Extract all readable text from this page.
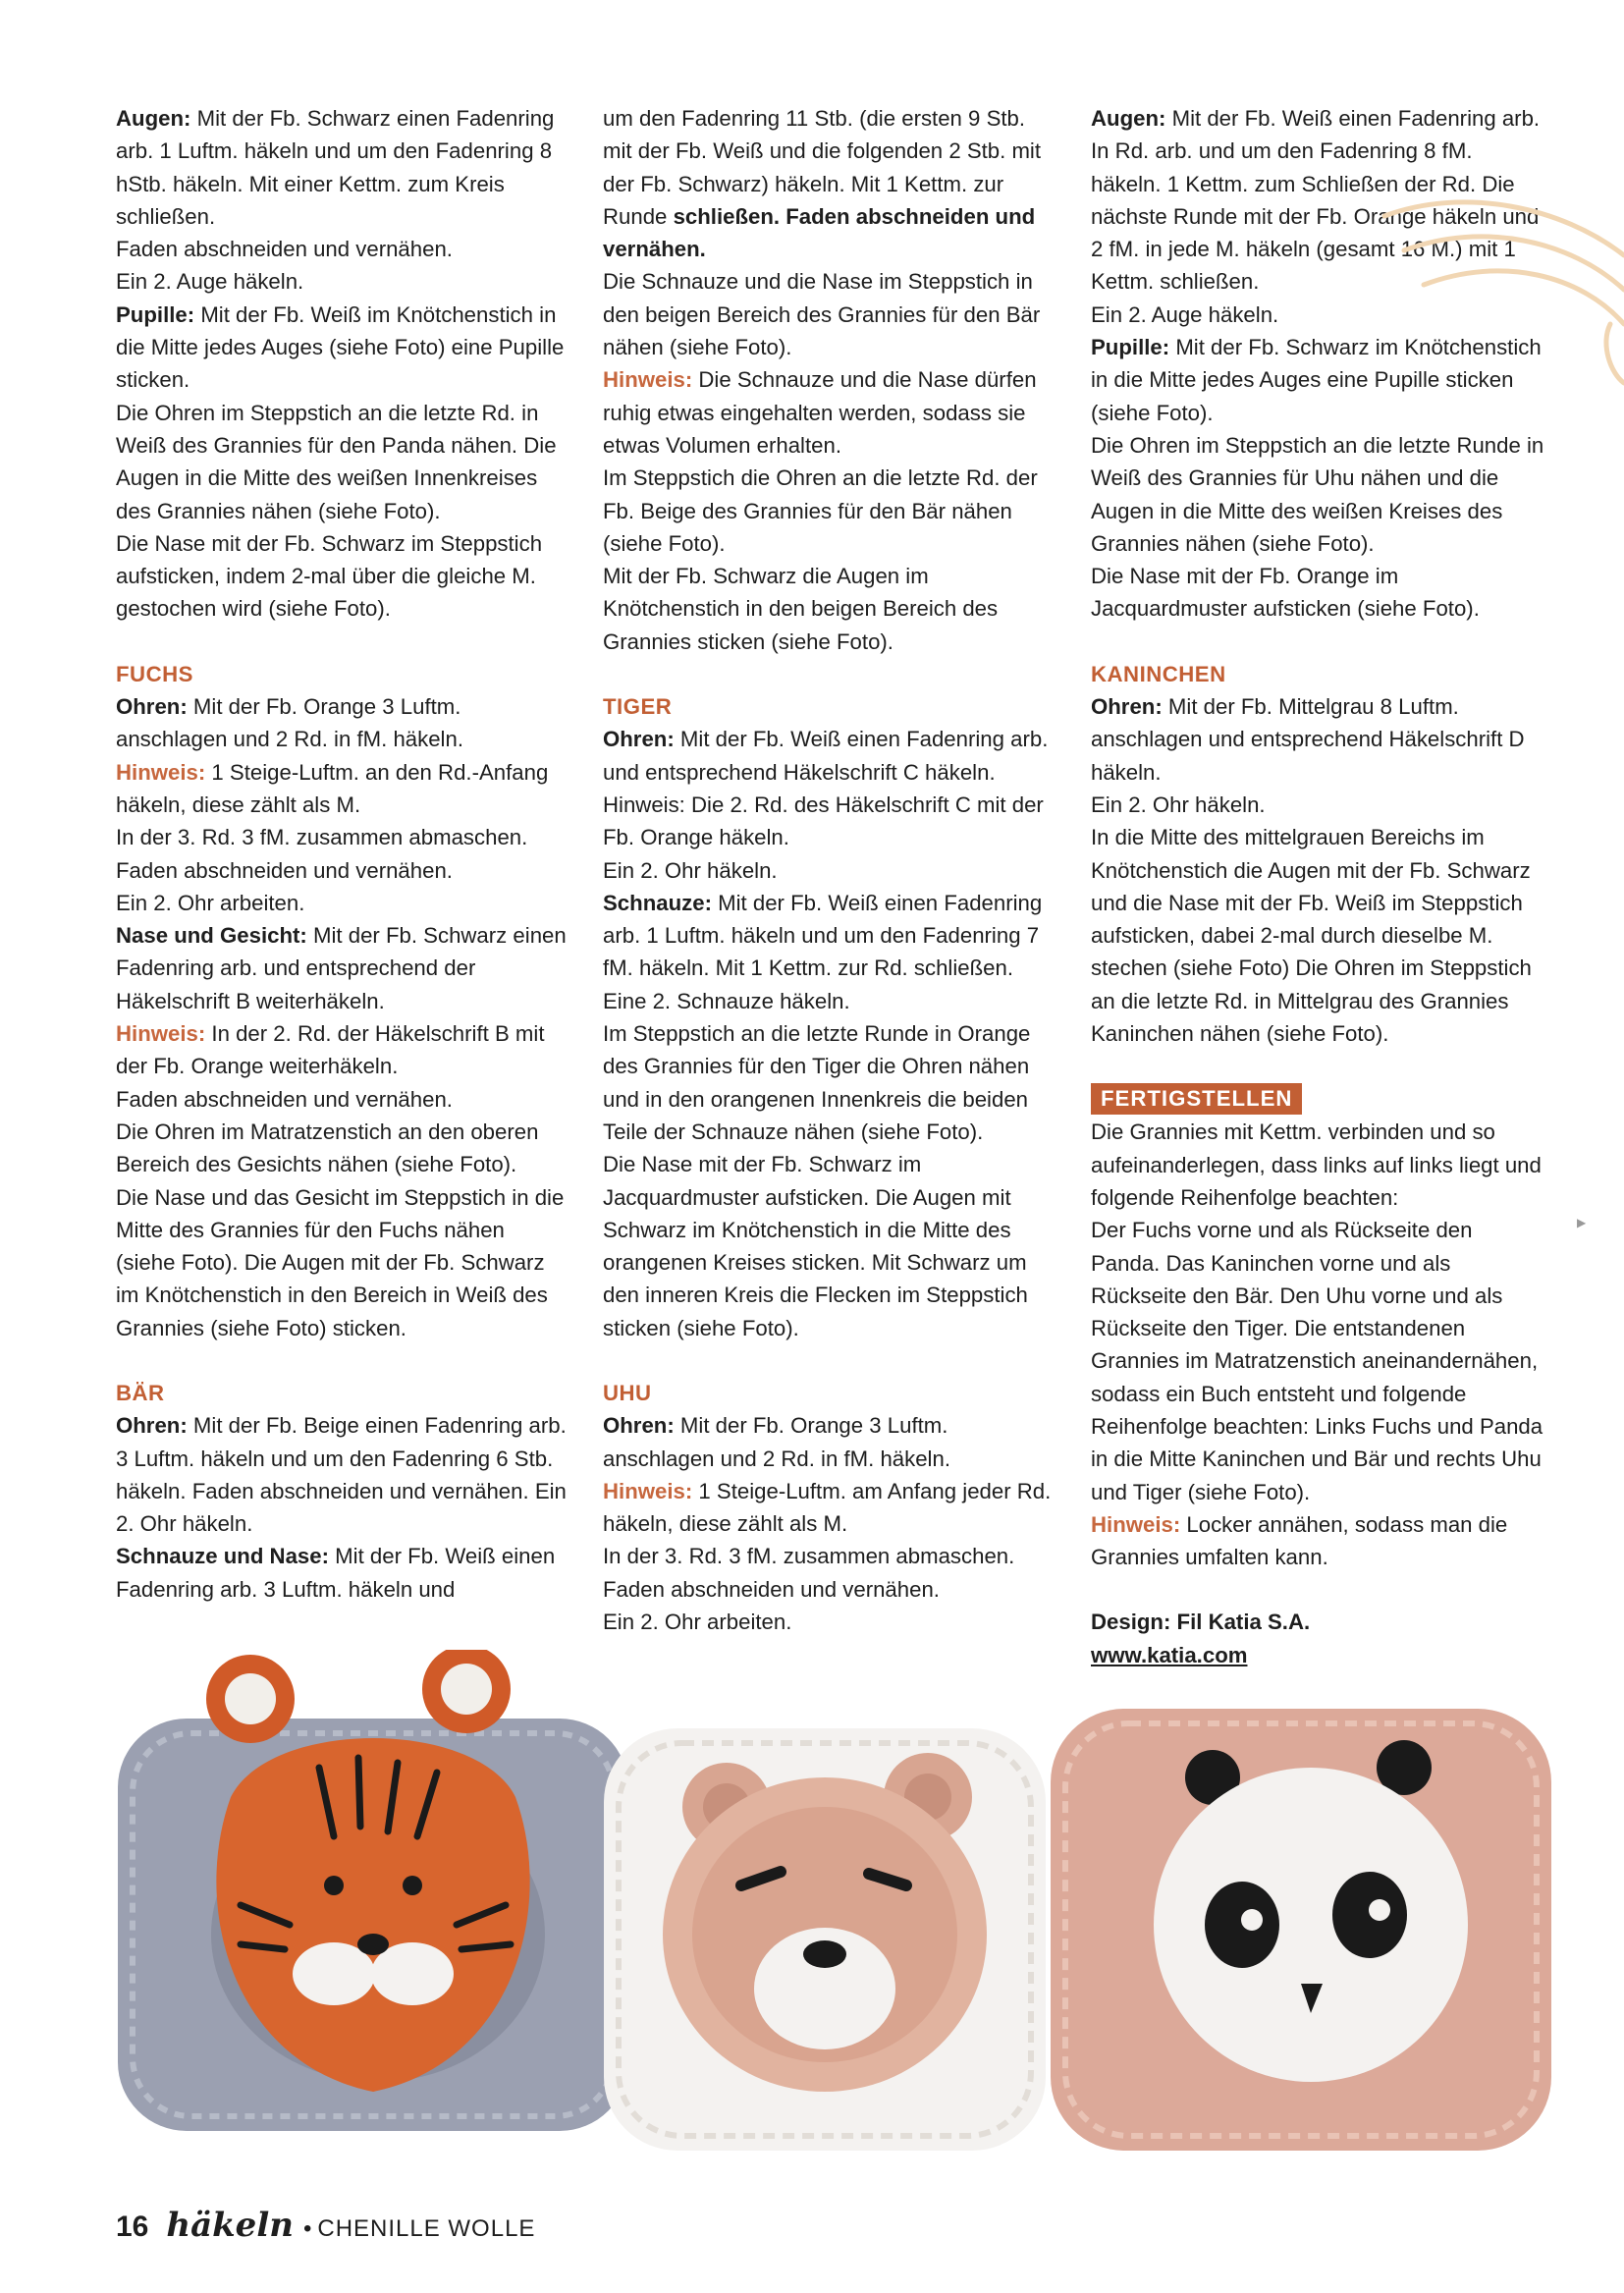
Augen: Mit der Fb. Schwarz einen Fadenring arb. 1 Luftm. häkeln und um den Fadenring 8 hStb. häkeln. Mit einer Kettm. zum Kreis schließen.

Faden abschneiden und vernähen.

Ein 2. Auge häkeln.

Pupille: Mit der Fb. Weiß im Knötchenstich in die Mitte jedes Auges (siehe Foto) eine Pupille sticken.

Die Ohren im Steppstich an die letzte Rd. in Weiß des Grannies für den Panda nähen. Die Augen in die Mitte des weißen Innenkreises des Grannies nähen (siehe Foto).

Die Nase mit der Fb. Schwarz im Steppstich aufsticken, indem 2-mal über die gleiche M. gestochen wird (siehe Foto).

FUCHS

Ohren: Mit der Fb. Orange 3 Luftm. anschlagen und 2 Rd. in fM. häkeln.

Hinweis: 1 Steige-Luftm. an den Rd.-Anfang häkeln, diese zählt als M.

In der 3. Rd. 3 fM. zusammen abmaschen.

Faden abschneiden und vernähen.

Ein 2. Ohr arbeiten.

Nase und Gesicht: Mit der Fb. Schwarz einen Fadenring arb. und entsprechend der Häkelschrift B weiterhäkeln.

Hinweis: In der 2. Rd. der Häkelschrift B mit der Fb. Orange weiterhäkeln.

Faden abschneiden und vernähen.

Die Ohren im Matratzenstich an den oberen Bereich des Gesichts nähen (siehe Foto).

Die Nase und das Gesicht im Steppstich in die Mitte des Grannies für den Fuchs nähen (siehe Foto). Die Augen mit der Fb. Schwarz im Knötchenstich in den Bereich in Weiß des Grannies (siehe Foto) sticken.

BÄR

Ohren: Mit der Fb. Beige einen Fadenring arb. 3 Luftm. häkeln und um den Fadenring 6 Stb. häkeln. Faden abschneiden und vernähen. Ein 2. Ohr häkeln.

Schnauze und Nase: Mit der Fb. Weiß einen Fadenring arb. 3 Luftm. häkeln und

um den Fadenring 11 Stb. (die ersten 9 Stb. mit der Fb. Weiß und die folgenden 2 Stb. mit der Fb. Schwarz) häkeln. Mit 1 Kettm. zur Runde schließen. Faden abschneiden und vernähen.

Die Schnauze und die Nase im Steppstich in den beigen Bereich des Grannies für den Bär nähen (siehe Foto).

Hinweis: Die Schnauze und die Nase dürfen ruhig etwas eingehalten werden, sodass sie etwas Volumen erhalten.

Im Steppstich die Ohren an die letzte Rd. der Fb. Beige des Grannies für den Bär nähen (siehe Foto).

Mit der Fb. Schwarz die Augen im Knötchenstich in den beigen Bereich des Grannies sticken (siehe Foto).

TIGER

Ohren: Mit der Fb. Weiß einen Fadenring arb. und entsprechend Häkelschrift C häkeln.

Hinweis: Die 2. Rd. des Häkelschrift C mit der Fb. Orange häkeln.

Ein 2. Ohr häkeln.

Schnauze: Mit der Fb. Weiß einen Fadenring arb. 1 Luftm. häkeln und um den Fadenring 7 fM. häkeln. Mit 1 Kettm. zur Rd. schließen.

Eine 2. Schnauze häkeln.

Im Steppstich an die letzte Runde in Orange des Grannies für den Tiger die Ohren nähen und in den orangenen Innenkreis die beiden Teile der Schnauze nähen (siehe Foto).

Die Nase mit der Fb. Schwarz im Jacquardmuster aufsticken. Die Augen mit Schwarz im Knötchenstich in die Mitte des orangenen Kreises sticken. Mit Schwarz um den inneren Kreis die Flecken im Steppstich sticken (siehe Foto).

UHU

Ohren: Mit der Fb. Orange 3 Luftm. anschlagen und 2 Rd. in fM. häkeln.

Hinweis: 1 Steige-Luftm. am Anfang jeder Rd. häkeln, diese zählt als M.

In der 3. Rd. 3 fM. zusammen abmaschen.

Faden abschneiden und vernähen.

Ein 2. Ohr arbeiten.

Augen: Mit der Fb. Weiß einen Fadenring arb. In Rd. arb. und um den Fadenring 8 fM. häkeln. 1 Kettm. zum Schließen der Rd. Die nächste Runde mit der Fb. Orange häkeln und 2 fM. in jede M. häkeln (gesamt 16 M.) mit 1 Kettm. schließen.

Ein 2. Auge häkeln.

Pupille: Mit der Fb. Schwarz im Knötchenstich in die Mitte jedes Auges eine Pupille sticken (siehe Foto).

Die Ohren im Steppstich an die letzte Runde in Weiß des Grannies für Uhu nähen und die Augen in die Mitte des weißen Kreises des Grannies nähen (siehe Foto).

Die Nase mit der Fb. Orange im Jacquardmuster aufsticken (siehe Foto).

KANINCHEN

Ohren: Mit der Fb. Mittelgrau 8 Luftm. anschlagen und entsprechend Häkelschrift D häkeln.

Ein 2. Ohr häkeln.

In die Mitte des mittelgrauen Bereichs im Knötchenstich die Augen mit der Fb. Schwarz und die Nase mit der Fb. Weiß im Steppstich aufsticken, dabei 2-mal durch dieselbe M. stechen (siehe Foto) Die Ohren im Steppstich an die letzte Rd. in Mittelgrau des Grannies Kaninchen nähen (siehe Foto).

FERTIGSTELLEN

Die Grannies mit Kettm. verbinden und so aufeinanderlegen, dass links auf links liegt und folgende Reihenfolge beachten:

Der Fuchs vorne und als Rückseite den Panda. Das Kaninchen vorne und als Rückseite den Bär. Den Uhu vorne und als Rückseite den Tiger. Die entstandenen Grannies im Matratzenstich aneinandernähen, sodass ein Buch entsteht und folgende Reihenfolge beachten: Links Fuchs und Panda in die Mitte Kaninchen und Bär und rechts Uhu und Tiger (siehe Foto).

Hinweis: Locker annähen, sodass man die Grannies umfalten kann.

Design: Fil Katia S.A.

www.katia.com

▶
16 häkeln • CHENILLE WOLLE
